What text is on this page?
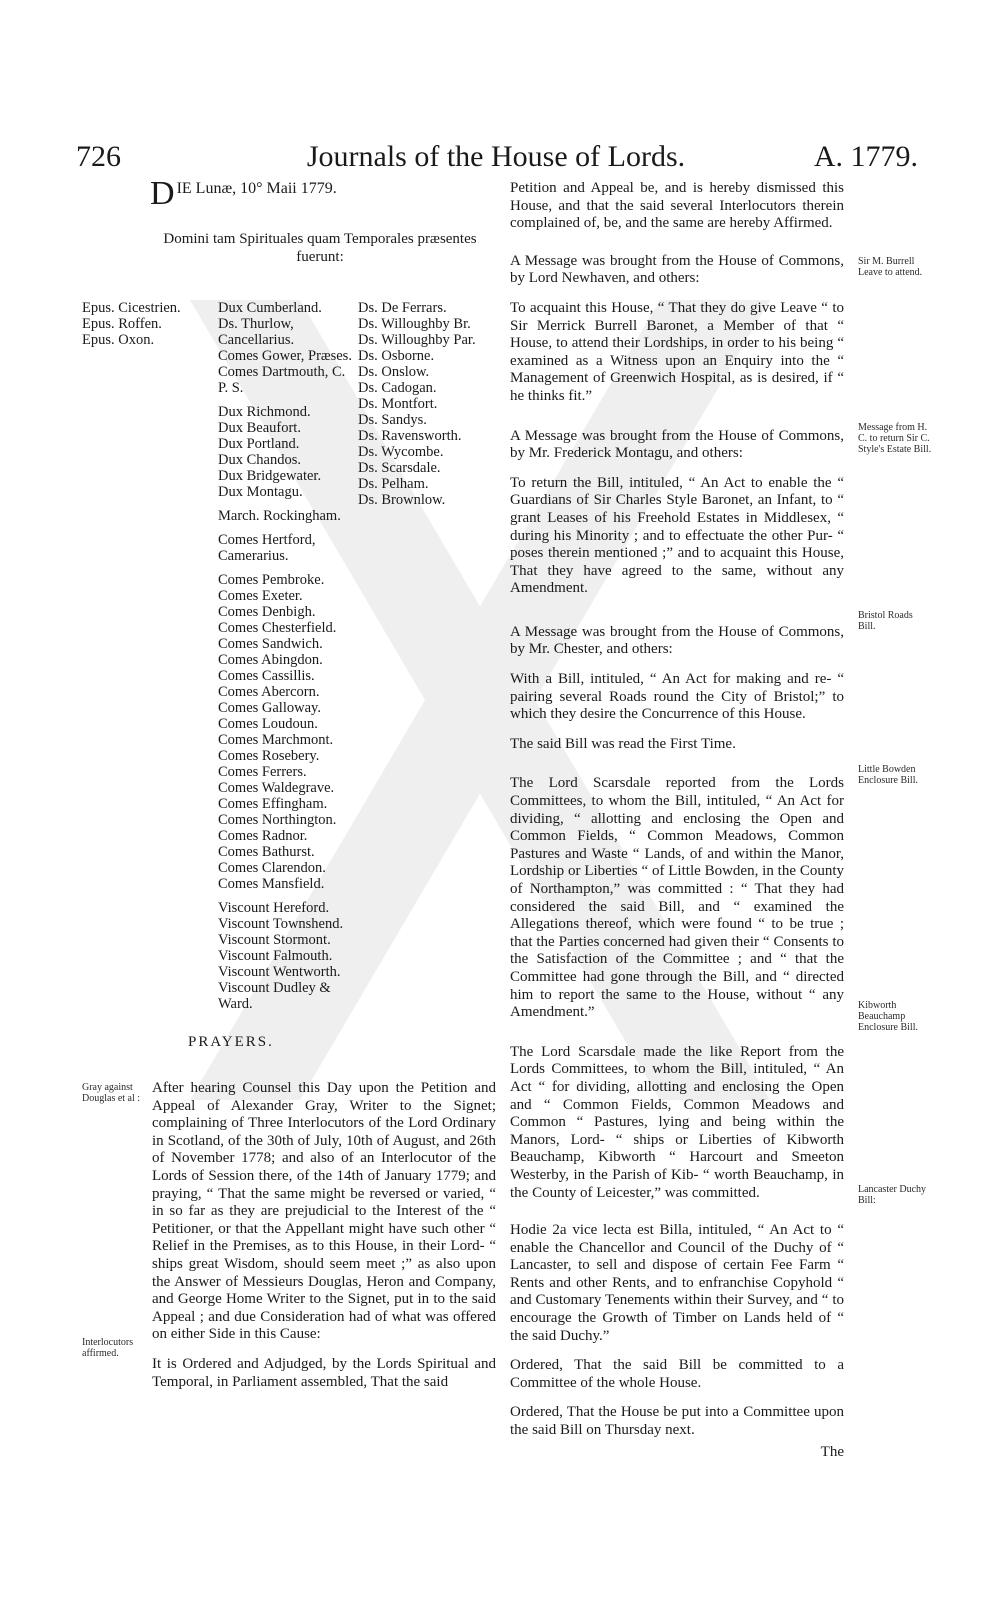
726	Journals of the House of Lords.	A. 1779.
D IE Lunæ, 10° Maii 1779.
Domini tam Spirituales quam Temporales præsentes fuerunt:
Epus. Cicestrien.
Epus. Roffen.
Epus. Oxon.
Dux Cumberland.
Ds. Thurlow, Cancellarius.
Comes Gower, Præses.
Comes Dartmouth, C. P. S.
Dux Richmond.
Dux Beaufort.
Dux Portland.
Dux Chandos.
Dux Bridgewater.
Dux Montagu.
March. Rockingham.
Comes Hertford, Camerarius.
Comes Pembroke.
Comes Exeter.
Comes Denbigh.
Comes Chesterfield.
Comes Sandwich.
Comes Abingdon.
Comes Cassillis.
Comes Abercorn.
Comes Galloway.
Comes Loudoun.
Comes Marchmont.
Comes Rosebery.
Comes Ferrers.
Comes Waldegrave.
Comes Effingham.
Comes Northington.
Comes Radnor.
Comes Bathurst.
Comes Clarendon.
Comes Mansfield.
Viscount Hereford.
Viscount Townshend.
Viscount Stormont.
Viscount Falmouth.
Viscount Wentworth.
Viscount Dudley & Ward.
Ds. De Ferrars.
Ds. Willoughby Br.
Ds. Willoughby Par.
Ds. Osborne.
Ds. Onslow.
Ds. Cadogan.
Ds. Montfort.
Ds. Sandys.
Ds. Ravensworth.
Ds. Wycombe.
Ds. Scarsdale.
Ds. Pelham.
Ds. Brownlow.
PRAYERS.
Gray against Douglas et al :
Interlocutors affirmed.

After hearing Counsel this Day upon the Petition and Appeal of Alexander Gray, Writer to the Signet; complaining of Three Interlocutors of the Lord Ordinary in Scotland, of the 30th of July, 10th of August, and 26th of November 1778; and also of an Interlocutor of the Lords of Session there, of the 14th of January 1779; and praying, “ That the same might be reversed or varied, “ in so far as they are prejudicial to the Interest of the “ Petitioner, or that the Appellant might have such other “ Relief in the Premises, as to this House, in their Lord- “ ships great Wisdom, should seem meet ;” as also upon the Answer of Messieurs Douglas, Heron and Company, and George Home Writer to the Signet, put in to the said Appeal ; and due Consideration had of what was offered on either Side in this Cause:

It is Ordered and Adjudged, by the Lords Spiritual and Temporal, in Parliament assembled, That the said

Petition and Appeal be, and is hereby dismissed this House, and that the said several Interlocutors therein complained of, be, and the same are hereby Affirmed.

A Message was brought from the House of Commons, by Lord Newhaven, and others:

To acquaint this House, “ That they do give Leave “ to Sir Merrick Burrell Baronet, a Member of that “ House, to attend their Lordships, in order to his being “ examined as a Witness upon an Enquiry into the “ Management of Greenwich Hospital, as is desired, if “ he thinks fit.”

A Message was brought from the House of Commons, by Mr. Frederick Montagu, and others:

To return the Bill, intituled, “ An Act to enable the “ Guardians of Sir Charles Style Baronet, an Infant, to “ grant Leases of his Freehold Estates in Middlesex, “ during his Minority ; and to effectuate the other Pur- “ poses therein mentioned ;” and to acquaint this House, That they have agreed to the same, without any Amendment.

A Message was brought from the House of Commons, by Mr. Chester, and others:

With a Bill, intituled, “ An Act for making and re- “ pairing several Roads round the City of Bristol;” to which they desire the Concurrence of this House.

The said Bill was read the First Time.

The Lord Scarsdale reported from the Lords Committees, to whom the Bill, intituled, “ An Act for dividing, “ allotting and enclosing the Open and Common Fields, “ Common Meadows, Common Pastures and Waste “ Lands, of and within the Manor, Lordship or Liberties “ of Little Bowden, in the County of Northampton,” was committed : “ That they had considered the said Bill, and “ examined the Allegations thereof, which were found “ to be true ; that the Parties concerned had given their “ Consents to the Satisfaction of the Committee ; and “ that the Committee had gone through the Bill, and “ directed him to report the same to the House, without “ any Amendment.”

The Lord Scarsdale made the like Report from the Lords Committees, to whom the Bill, intituled, “ An Act “ for dividing, allotting and enclosing the Open and “ Common Fields, Common Meadows and Common “ Pastures, lying and being within the Manors, Lord- “ ships or Liberties of Kibworth Beauchamp, Kibworth “ Harcourt and Smeeton Westerby, in the Parish of Kib- “ worth Beauchamp, in the County of Leicester,” was committed.

Hodie 2a vice lecta est Billa, intituled, “ An Act to “ enable the Chancellor and Council of the Duchy of “ Lancaster, to sell and dispose of certain Fee Farm “ Rents and other Rents, and to enfranchise Copyhold “ and Customary Tenements within their Survey, and “ to encourage the Growth of Timber on Lands held of “ the said Duchy.”

Ordered, That the said Bill be committed to a Committee of the whole House.

Ordered, That the House be put into a Committee upon the said Bill on Thursday next.

The

Sir M. Burrell Leave to attend.
Message from H. C. to return Sir C. Style's Estate Bill.
Bristol Roads Bill.
Little Bowden Enclosure Bill.
Kibworth Beauchamp Enclosure Bill.
Lancaster Duchy Bill:
